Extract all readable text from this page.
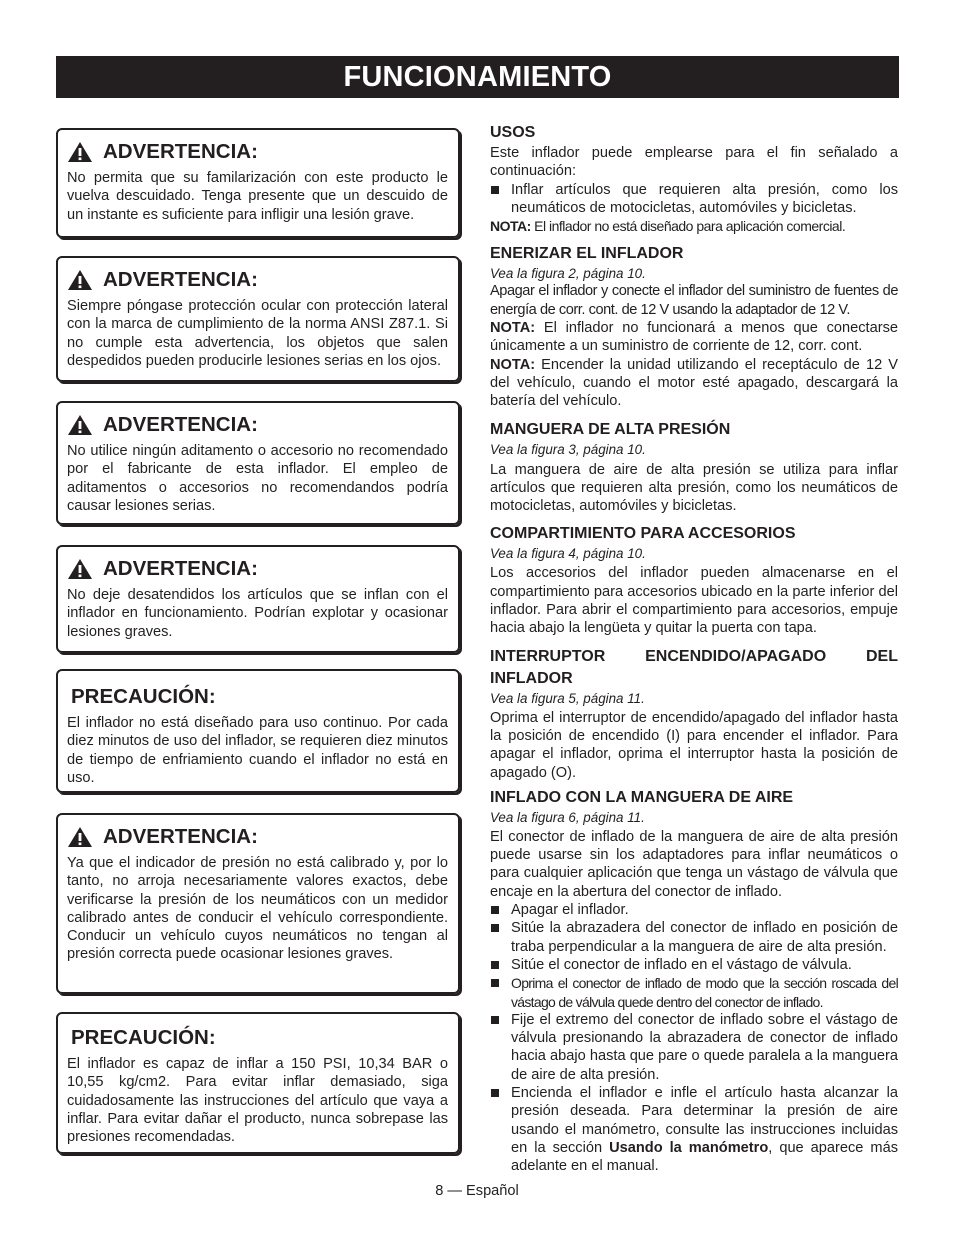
FUNCIONAMIENTO
ADVERTENCIA:
No permita que su familarización con este producto le vuelva descuidado. Tenga presente que un descuido de un instante es suficiente para infligir una lesión grave.
ADVERTENCIA:
Siempre póngase protección ocular con protección lateral con la marca de cumplimiento de la norma ANSI Z87.1. Si no cumple esta advertencia, los objetos que salen despedidos pueden producirle lesiones serias en los ojos.
ADVERTENCIA:
No utilice ningún aditamento o accesorio no recomendado por el fabricante de esta inflador. El empleo de aditamentos o accesorios no recomendandos podría causar lesiones serias.
ADVERTENCIA:
No deje desatendidos los artículos que se inflan con el inflador en funcionamiento. Podrían explotar y ocasionar lesiones graves.
PRECAUCIÓN:
El inflador no está diseñado para uso continuo. Por cada diez minutos de uso del inflador, se requieren diez minutos de tiempo de enfriamiento cuando el inflador no está en uso.
ADVERTENCIA:
Ya que el indicador de presión no está calibrado y, por lo tanto, no arroja necesariamente valores exactos, debe verificarse la presión de los neumáticos con un medidor calibrado antes de conducir el vehículo correspondiente. Conducir un vehículo cuyos neumáticos no tengan al presión correcta puede ocasionar lesiones graves.
PRECAUCIÓN:
El inflador es capaz de inflar a 150 PSI, 10,34 BAR o 10,55 kg/cm2. Para evitar inflar demasiado, siga cuidadosamente las instrucciones del artículo que vaya a inflar. Para evitar dañar el producto, nunca sobrepase las presiones recomendadas.
USOS

Este inflador puede emplearse para el fin señalado a continuación:

Inflar artículos que requieren alta presión, como los neumáticos de motocicletas, automóviles y bicicletas.

NOTA: El inflador no está diseñado para aplicación comercial.

ENERIZAR EL INFLADOR
Vea la figura 2, página 10.

Apagar el inflador y conecte el inflador del suministro de fuentes de energía de corr. cont. de 12 V usando la adaptador de 12 V.

NOTA: El inflador no funcionará a menos que conectarse únicamente a un suministro de corriente de 12, corr. cont.

NOTA: Encender la unidad utilizando el receptáculo de 12 V del vehículo, cuando el motor esté apagado, descargará la batería del vehículo.

MANGUERA DE ALTA PRESIÓN
Vea la figura 3, página 10.

La manguera de aire de alta presión se utiliza para inflar artículos que requieren alta presión, como los neumáticos de motocicletas, automóviles y bicicletas.

COMPARTIMIENTO PARA ACCESORIOS
Vea la figura 4, página 10.

Los accesorios del inflador pueden almacenarse en el compartimiento para accesorios ubicado en la parte inferior del inflador. Para abrir el compartimiento para accesorios, empuje hacia abajo la lengüeta y quitar la puerta con tapa.

INTERRUPTOR ENCENDIDO/APAGADO DEL INFLADOR
Vea la figura 5, página 11.

Oprima el interruptor de encendido/apagado del inflador hasta la posición de encendido (I) para encender el inflador. Para apagar el inflador, oprima el interruptor hasta la posición de apagado (O).

INFLADO CON LA MANGUERA DE AIRE
Vea la figura 6, página 11.

El conector de inflado de la manguera de aire de alta presión puede usarse sin los adaptadores para inflar neumáticos o para cualquier aplicación que tenga un vástago de válvula que encaje en la abertura del conector de inflado.

Apagar el inflador.
Sitúe la abrazadera del conector de inflado en posición de traba perpendicular a la manguera de aire de alta presión.
Sitúe el conector de inflado en el vástago de válvula.
Oprima el conector de inflado de modo que la sección roscada del vástago de válvula quede dentro del conector de inflado.
Fije el extremo del conector de inflado sobre el vástago de válvula presionando la abrazadera de conector de inflado hacia abajo hasta que pare o quede paralela a la manguera de aire de alta presión.
Encienda el inflador e infle el artículo hasta alcanzar la presión deseada. Para determinar la presión de aire usando el manómetro, consulte las instrucciones incluidas en la sección Usando la manómetro, que aparece más adelante en el manual.
8 — Español
